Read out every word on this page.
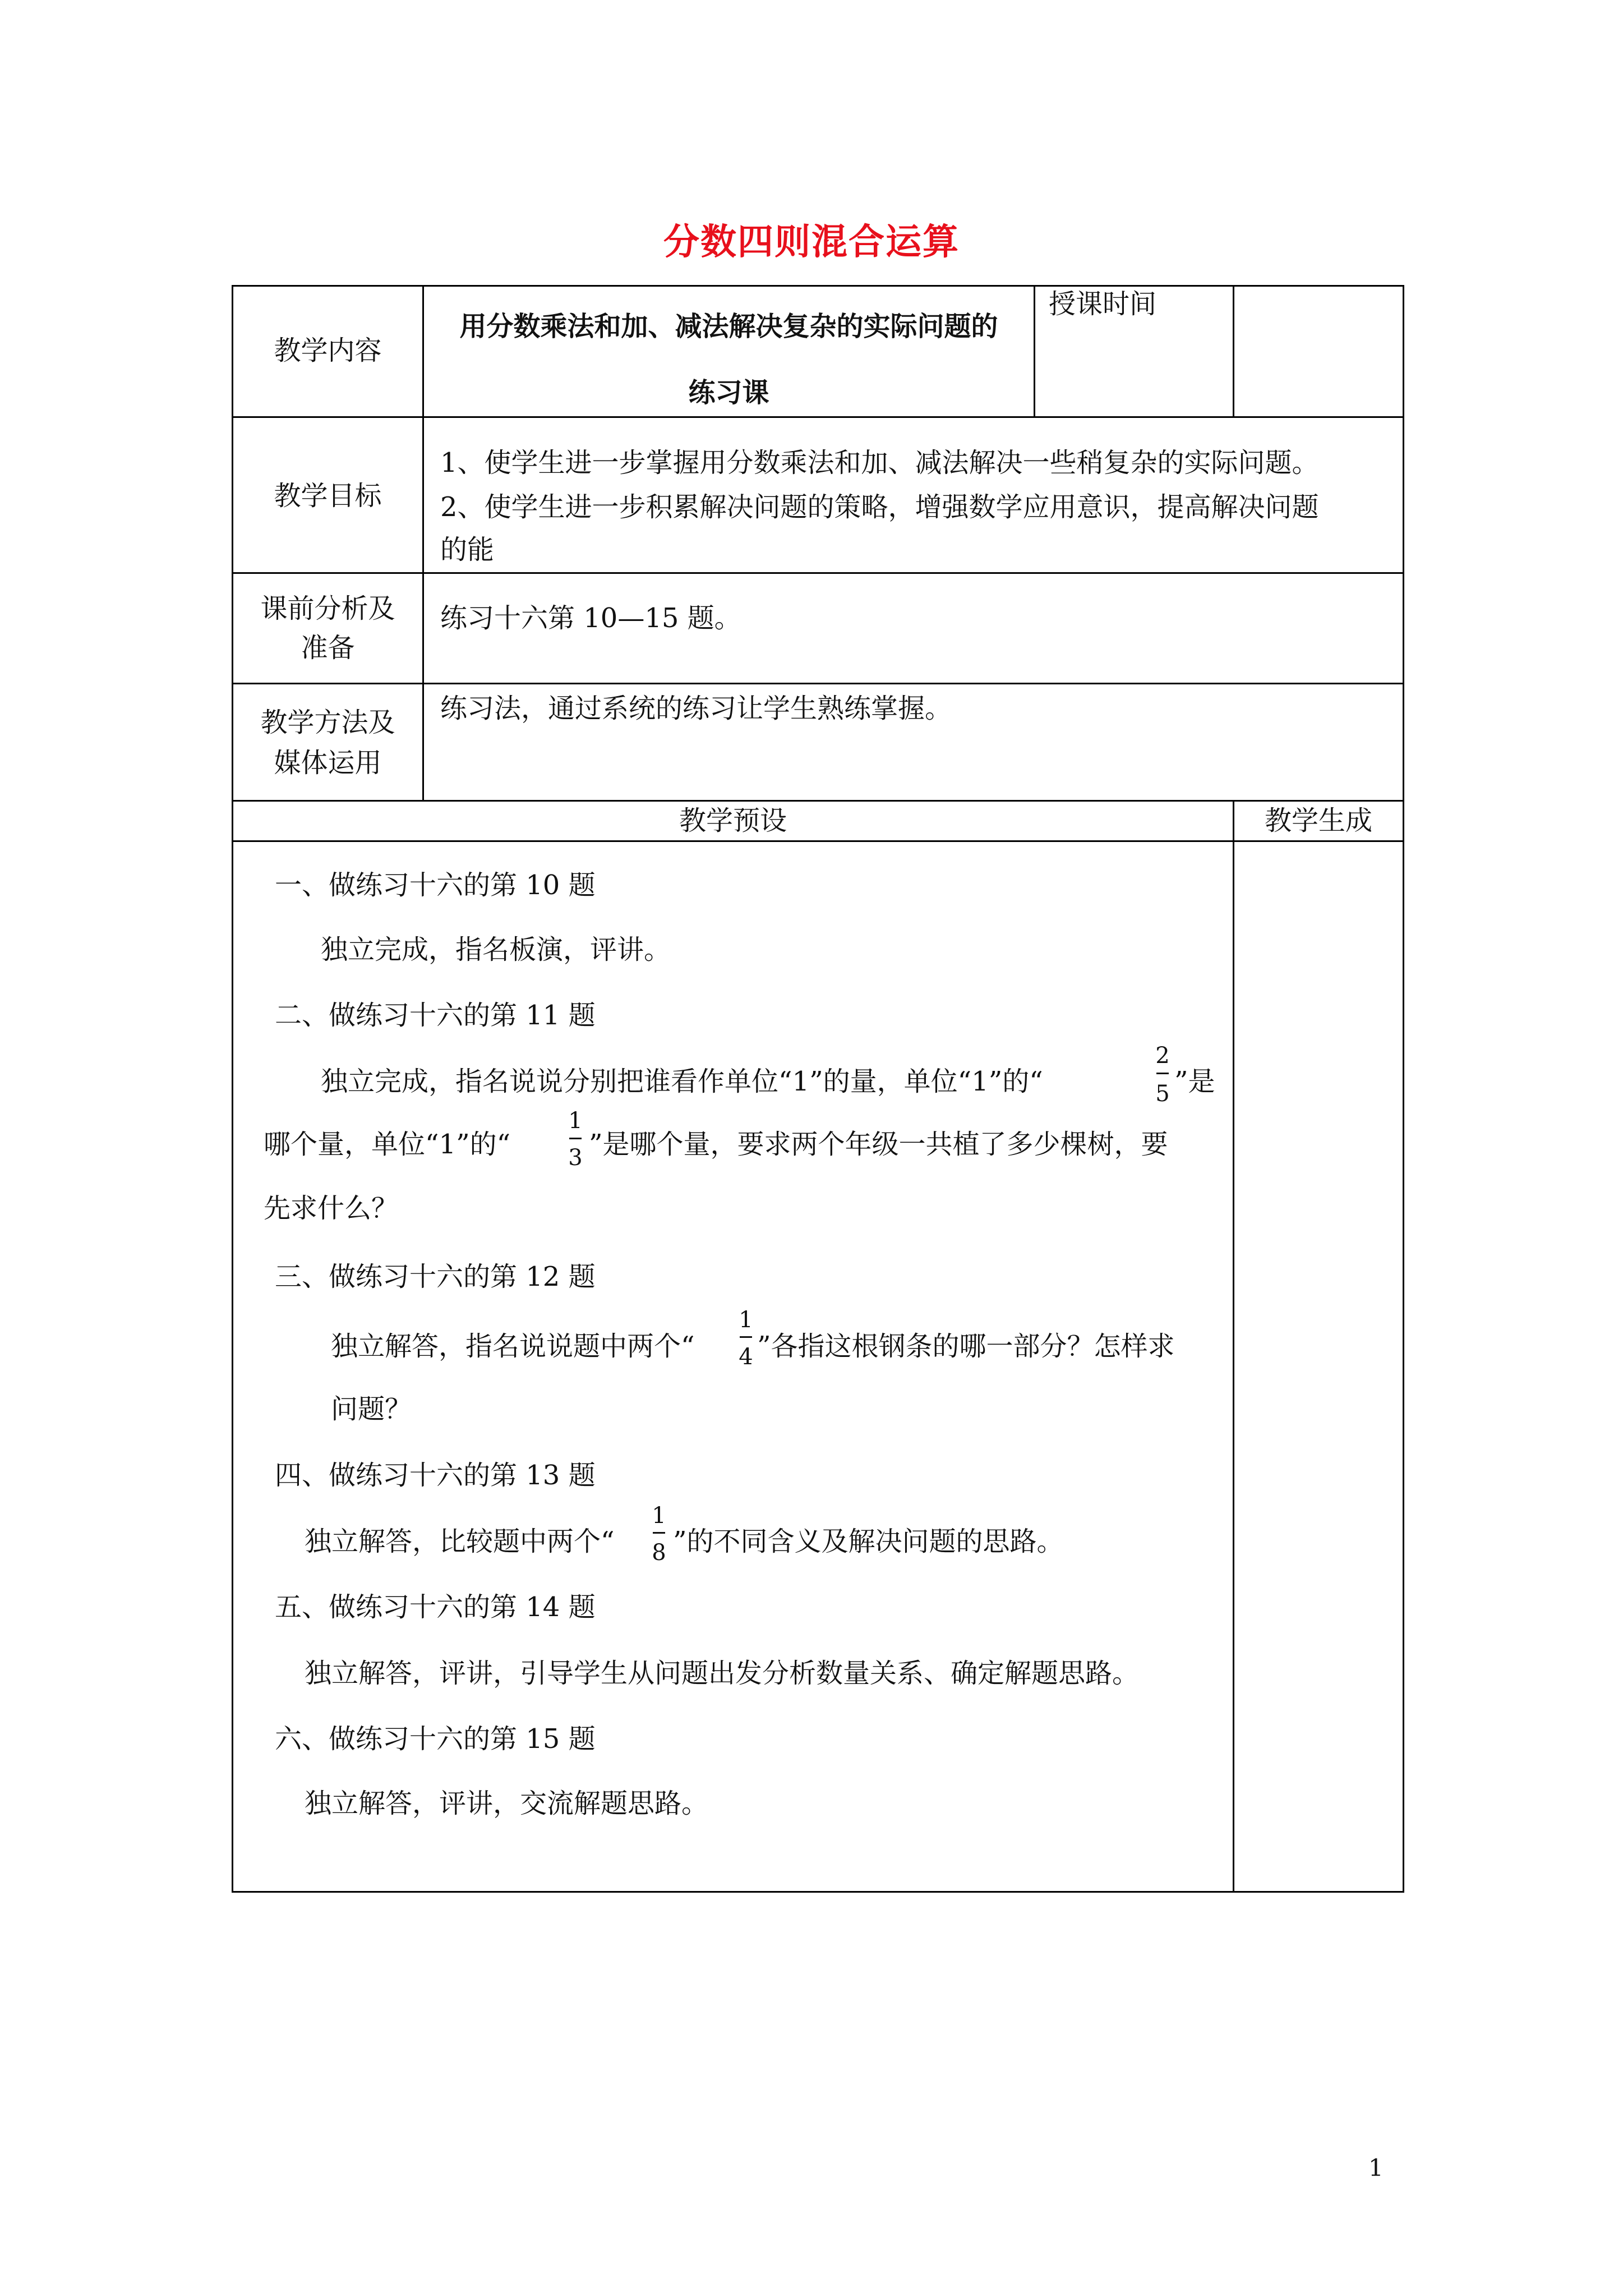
分数四则混合运算
教学内容
用分数乘法和加、减法解决复杂的实际问题的
练习课
授课时间
教学目标
1、使学生进一步掌握用分数乘法和加、减法解决一些稍复杂的实际问题。
2、使学生进一步积累解决问题的策略，增强数学应用意识，提高解决问题
的能
课前分析及
准备
练习十六第 10—15 题。
教学方法及
媒体运用
练习法，通过系统的练习让学生熟练掌握。
教学预设	教学生成
一、做练习十六的第 10 题
独立完成，指名板演，评讲。
二、做练习十六的第 11 题
独立完成，指名说说分别把谁看作单位“1”的量，单位“1”的“
2
5 ”是
哪个量，单位“1”的“
1
3 ”是哪个量，要求两个年级一共植了多少棵树，要
先求什么？
三、做练习十六的第 12 题
独立解答，指名说说题中两个“
1
4 ”各指这根钢条的哪一部分？怎样求
问题？
四、做练习十六的第 13 题
独立解答，比较题中两个“
1
8 ”的不同含义及解决问题的思路。
五、做练习十六的第 14 题
独立解答，评讲，引导学生从问题出发分析数量关系、确定解题思路。
六、做练习十六的第 15 题
独立解答，评讲，交流解题思路。
1
